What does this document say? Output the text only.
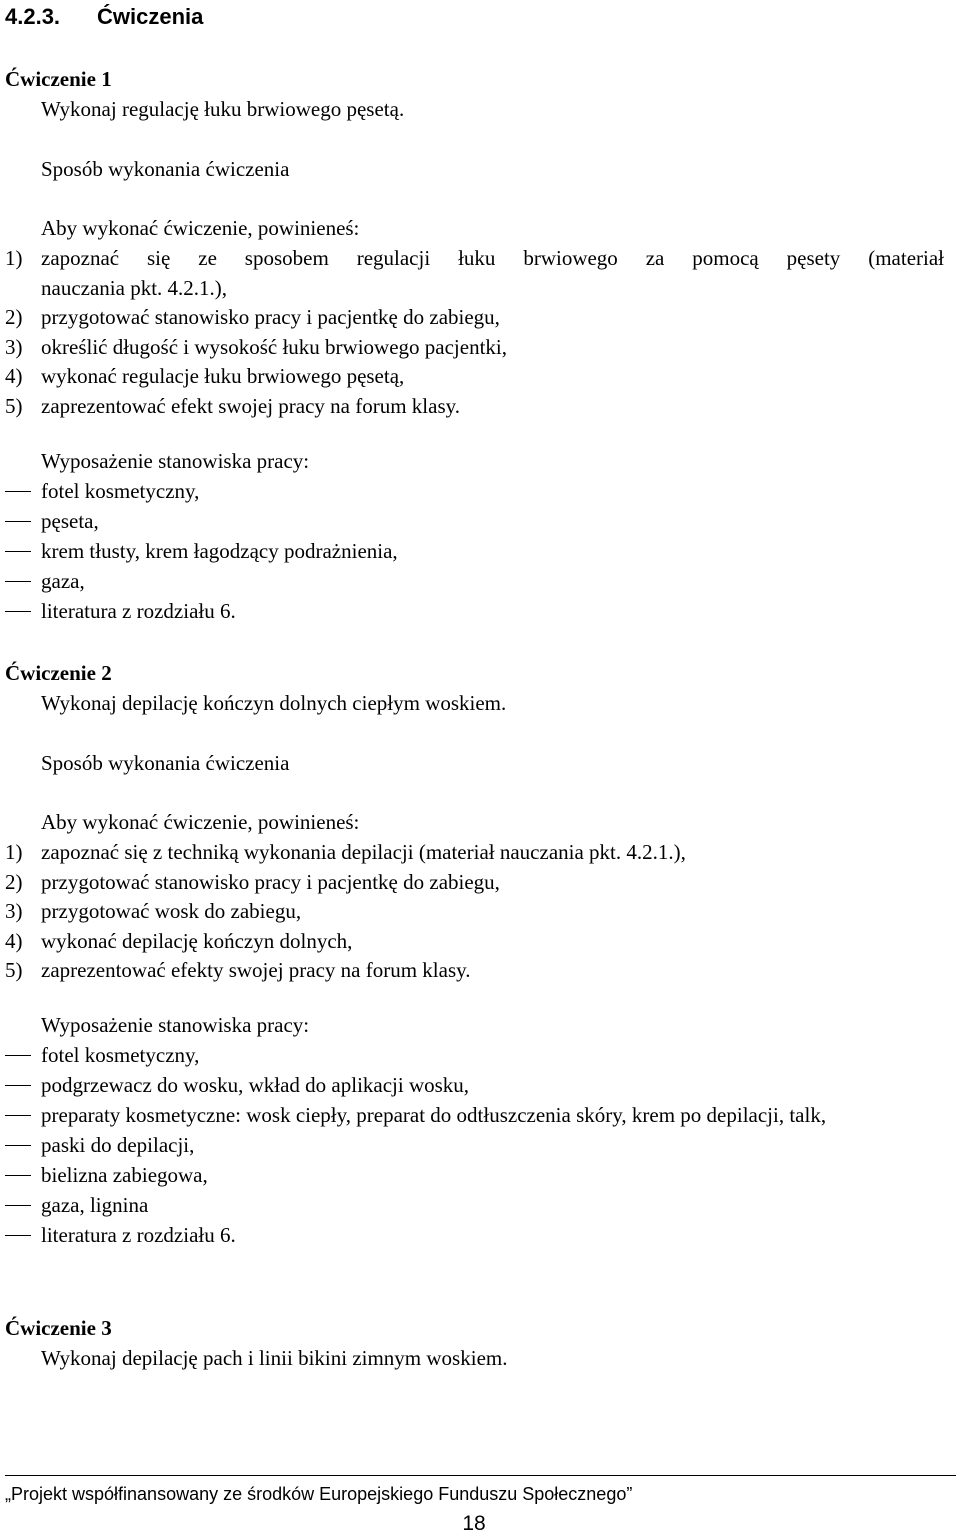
4.2.3. Ćwiczenia
Ćwiczenie 1
Wykonaj regulację łuku brwiowego pęsetą.
Sposób wykonania ćwiczenia
Aby wykonać ćwiczenie, powinieneś:
1) zapoznać się ze sposobem regulacji łuku brwiowego za pomocą pęsety (materiał
nauczania pkt. 4.2.1.),
2) przygotować stanowisko pracy i pacjentkę do zabiegu,
3) określić długość i wysokość łuku brwiowego pacjentki,
4) wykonać regulacje łuku brwiowego pęsetą,
5) zaprezentować efekt swojej pracy na forum klasy.
Wyposażenie stanowiska pracy:
fotel kosmetyczny,
pęseta,
krem tłusty, krem łagodzący podrażnienia,
gaza,
literatura z rozdziału 6.
Ćwiczenie 2
Wykonaj depilację kończyn dolnych ciepłym woskiem.
Sposób wykonania ćwiczenia
Aby wykonać ćwiczenie, powinieneś:
1) zapoznać się z techniką wykonania depilacji (materiał nauczania pkt. 4.2.1.),
2) przygotować stanowisko pracy i pacjentkę do zabiegu,
3) przygotować wosk do zabiegu,
4) wykonać depilację kończyn dolnych,
5) zaprezentować efekty swojej pracy na forum klasy.
Wyposażenie stanowiska pracy:
fotel kosmetyczny,
podgrzewacz do wosku, wkład do aplikacji wosku,
preparaty kosmetyczne: wosk ciepły, preparat do odtłuszczenia skóry, krem po depilacji, talk,
paski do depilacji,
bielizna zabiegowa,
gaza, lignina
literatura z rozdziału 6.
Ćwiczenie 3
Wykonaj depilację pach i linii bikini zimnym woskiem.
„Projekt współfinansowany ze środków Europejskiego Funduszu Społecznego”
18
